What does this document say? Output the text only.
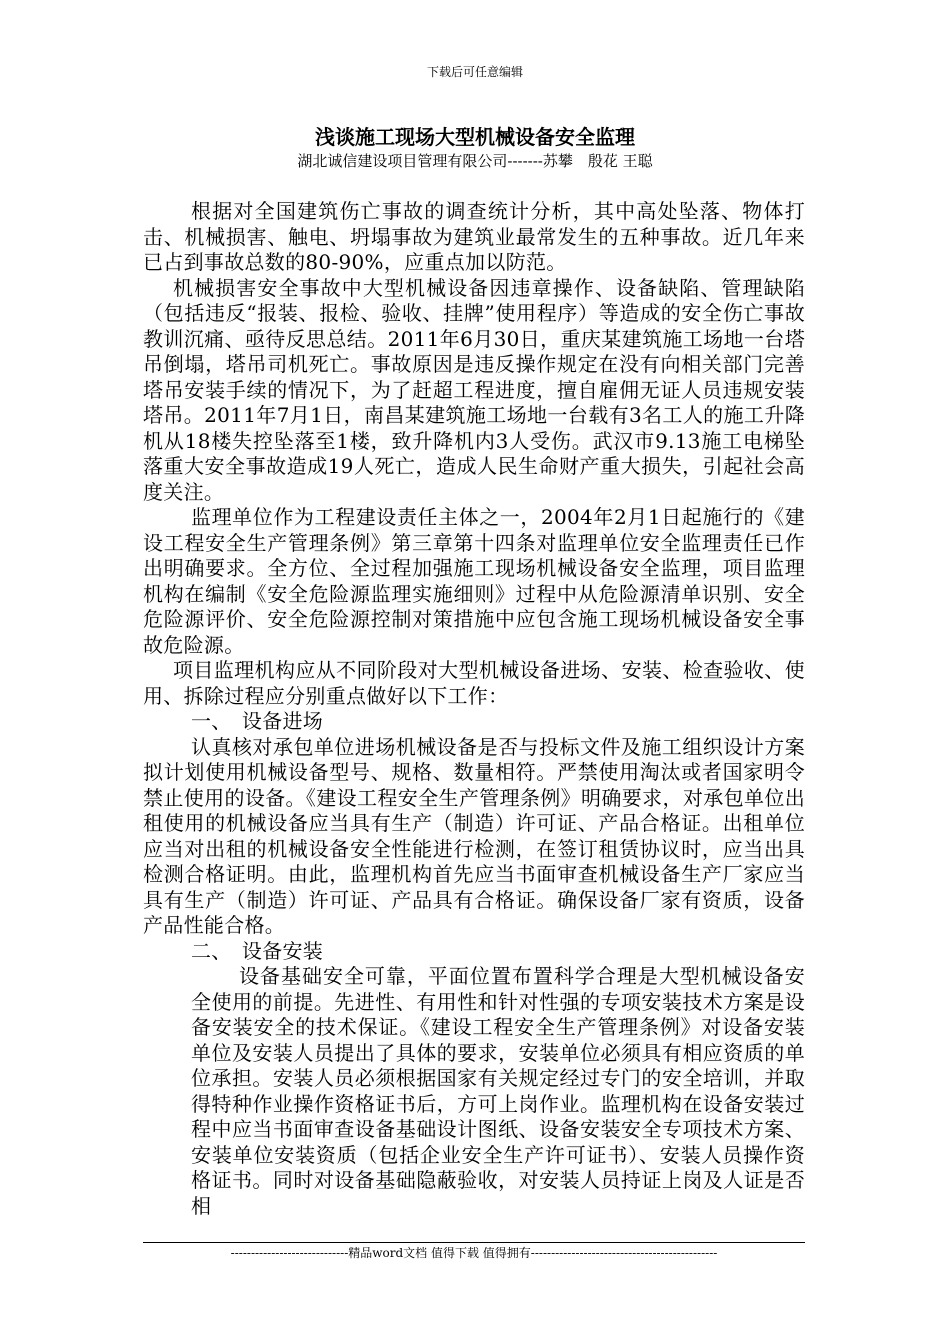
下载后可任意编辑
浅谈施工现场大型机械设备安全监理
湖北诚信建设项目管理有限公司-------苏攀　殷花 王聪

根据对全国建筑伤亡事故的调查统计分析，其中高处坠落、物体打击、机械损害、触电、坍塌事故为建筑业最常发生的五种事故。近几年来已占到事故总数的80-90%，应重点加以防范。

机械损害安全事故中大型机械设备因违章操作、设备缺陷、管理缺陷（包括违反“报装、报检、验收、挂牌”使用程序）等造成的安全伤亡事故教训沉痛、亟待反思总结。2011年6月30日，重庆某建筑施工场地一台塔吊倒塌，塔吊司机死亡。事故原因是违反操作规定在没有向相关部门完善塔吊安装手续的情况下，为了赶超工程进度，擅自雇佣无证人员违规安装塔吊。2011年7月1日，南昌某建筑施工场地一台载有3名工人的施工升降机从18楼失控坠落至1楼，致升降机内3人受伤。武汉市9.13施工电梯坠落重大安全事故造成19人死亡，造成人民生命财产重大损失，引起社会高度关注。

监理单位作为工程建设责任主体之一，2004年2月1日起施行的《建设工程安全生产管理条例》第三章第十四条对监理单位安全监理责任已作出明确要求。全方位、全过程加强施工现场机械设备安全监理，项目监理机构在编制《安全危险源监理实施细则》过程中从危险源清单识别、安全危险源评价、安全危险源控制对策措施中应包含施工现场机械设备安全事故危险源。

项目监理机构应从不同阶段对大型机械设备进场、安装、检查验收、使用、拆除过程应分别重点做好以下工作：

一、　设备进场

认真核对承包单位进场机械设备是否与投标文件及施工组织设计方案拟计划使用机械设备型号、规格、数量相符。严禁使用淘汰或者国家明令禁止使用的设备。《建设工程安全生产管理条例》明确要求，对承包单位出租使用的机械设备应当具有生产（制造）许可证、产品合格证。出租单位应当对出租的机械设备安全性能进行检测，在签订租赁协议时，应当出具检测合格证明。由此，监理机构首先应当书面审查机械设备生产厂家应当具有生产（制造）许可证、产品具有合格证。确保设备厂家有资质，设备产品性能合格。

二、　设备安装

设备基础安全可靠，平面位置布置科学合理是大型机械设备安全使用的前提。先进性、有用性和针对性强的专项安装技术方案是设备安装安全的技术保证。《建设工程安全生产管理条例》对设备安装单位及安装人员提出了具体的要求，安装单位必须具有相应资质的单位承担。安装人员必须根据国家有关规定经过专门的安全培训，并取得特种作业操作资格证书后，方可上岗作业。监理机构在设备安装过程中应当书面审查设备基础设计图纸、设备安装安全专项技术方案、安装单位安装资质（包括企业安全生产许可证书）、安装人员操作资格证书。同时对设备基础隐蔽验收，对安装人员持证上岗及人证是否相

-----------------------------精品word文档 值得下载 值得拥有----------------------------------------------
